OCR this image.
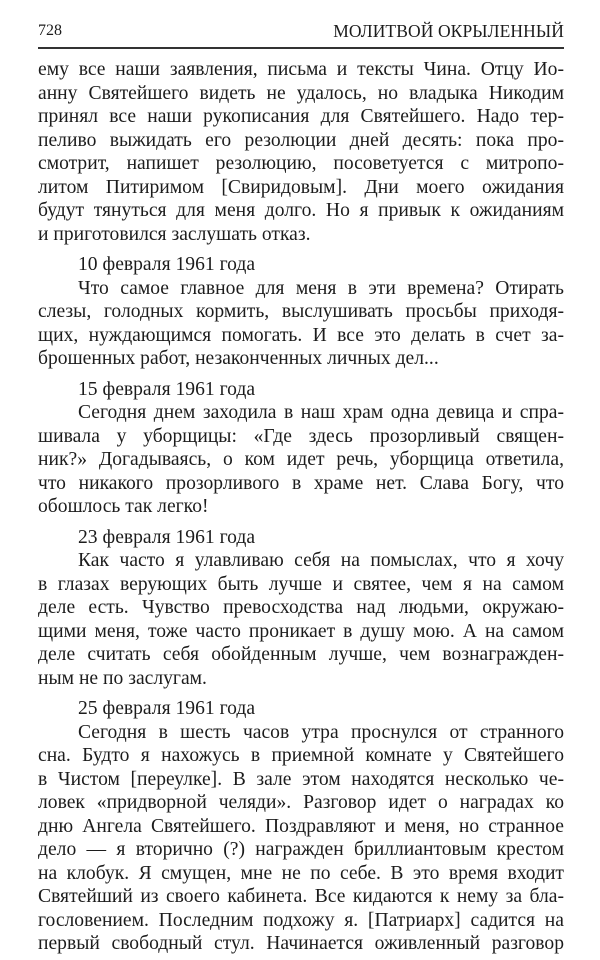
728	МОЛИТВОЙ ОКРЫЛЕННЫЙ
ему все наши заявления, письма и тексты Чина. Отцу Ио-
анну Святейшего видеть не удалось, но владыка Никодим
принял все наши рукописания для Святейшего. Надо тер-
пеливо выжидать его резолюции дней десять: пока про-
смотрит, напишет резолюцию, посоветуется с митропо-
литом Питиримом [Свиридовым]. Дни моего ожидания
будут тянуться для меня долго. Но я привык к ожиданиям
и приготовился заслушать отказ.
10 февраля 1961 года
Что самое главное для меня в эти времена? Отирать
слезы, голодных кормить, выслушивать просьбы приходя-
щих, нуждающимся помогать. И все это делать в счет за-
брошенных работ, незаконченных личных дел...
15 февраля 1961 года
Сегодня днем заходила в наш храм одна девица и спра-
шивала у уборщицы: «Где здесь прозорливый священ-
ник?» Догадываясь, о ком идет речь, уборщица ответила,
что никакого прозорливого в храме нет. Слава Богу, что
обошлось так легко!
23 февраля 1961 года
Как часто я улавливаю себя на помыслах, что я хочу
в глазах верующих быть лучше и святее, чем я на самом
деле есть. Чувство превосходства над людьми, окружаю-
щими меня, тоже часто проникает в душу мою. А на самом
деле считать себя обойденным лучше, чем вознагражден-
ным не по заслугам.
25 февраля 1961 года
Сегодня в шесть часов утра проснулся от странного
сна. Будто я нахожусь в приемной комнате у Святейшего
в Чистом [переулке]. В зале этом находятся несколько че-
ловек «придворной челяди». Разговор идет о наградах ко
дню Ангела Святейшего. Поздравляют и меня, но странное
дело — я вторично (?) награжден бриллиантовым крестом
на клобук. Я смущен, мне не по себе. В это время входит
Святейший из своего кабинета. Все кидаются к нему за бла-
гословением. Последним подхожу я. [Патриарх] садится на
первый свободный стул. Начинается оживленный разговор
